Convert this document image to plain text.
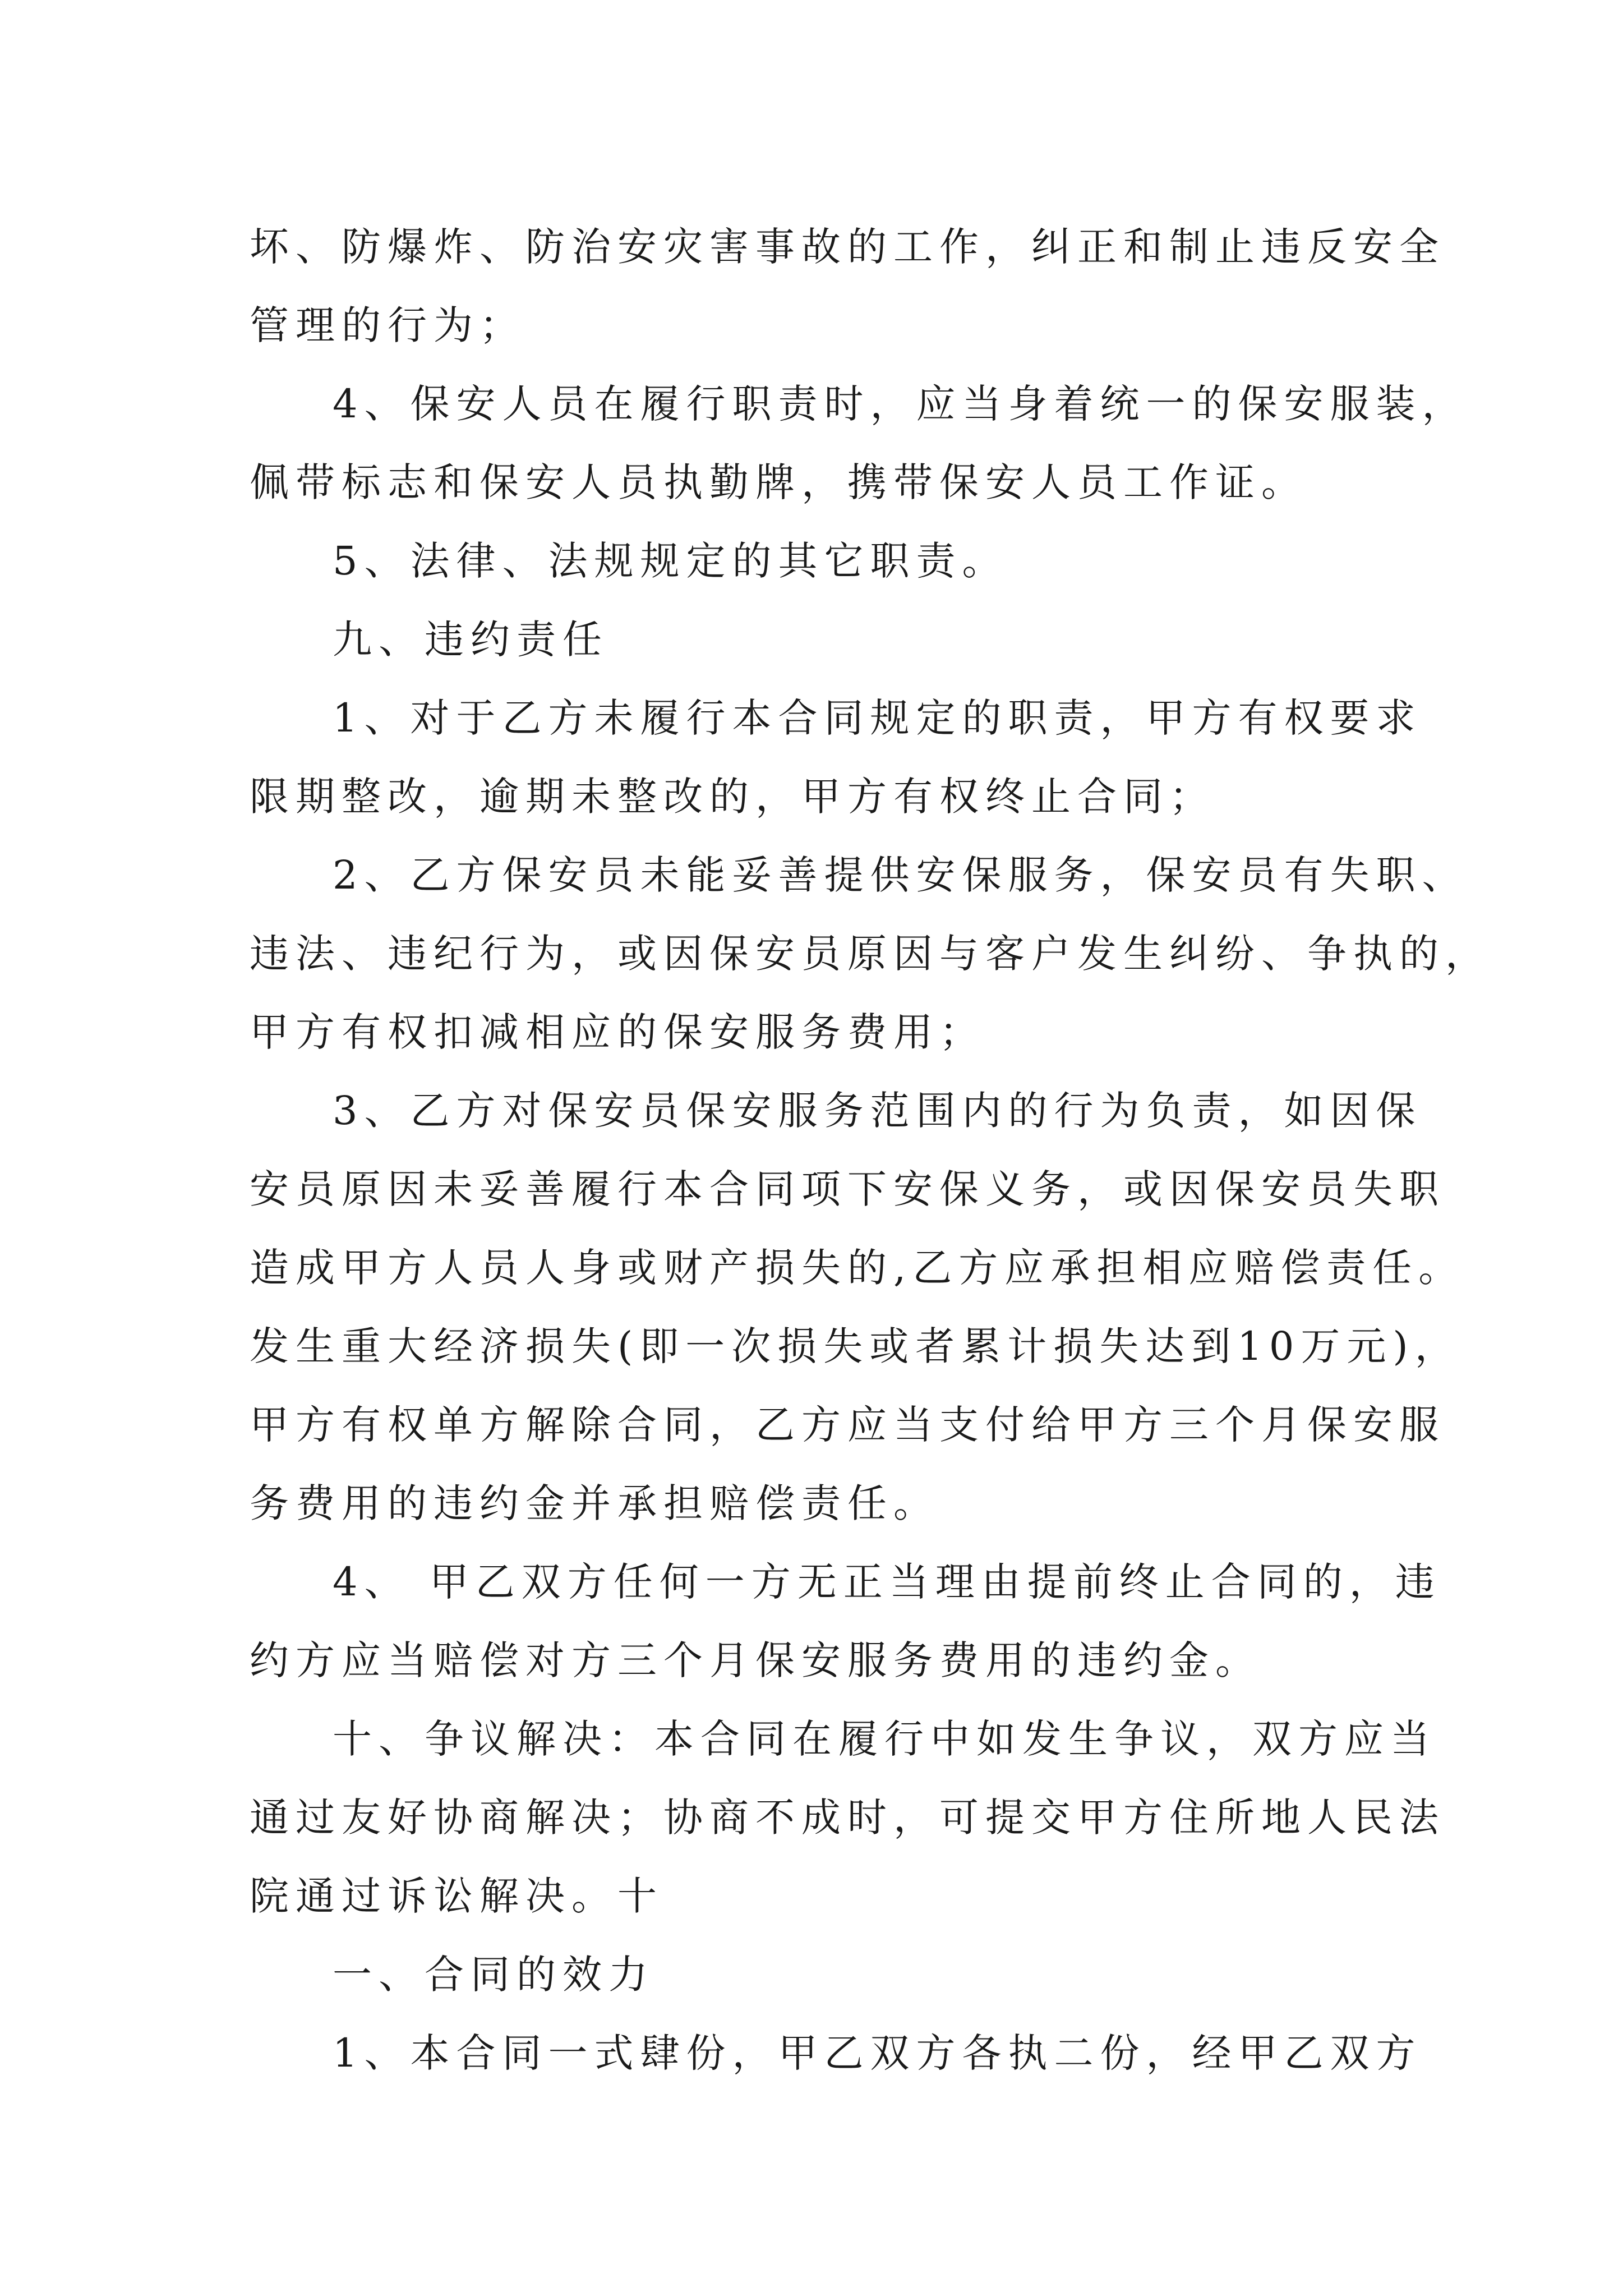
坏、防爆炸、防治安灾害事故的工作，纠正和制止违反安全
管理的行为；
4、保安人员在履行职责时，应当身着统一的保安服装，
佩带标志和保安人员执勤牌，携带保安人员工作证。
5、法律、法规规定的其它职责。
九、违约责任
1、对于乙方未履行本合同规定的职责，甲方有权要求
限期整改，逾期未整改的，甲方有权终止合同；
2、乙方保安员未能妥善提供安保服务，保安员有失职、
违法、违纪行为，或因保安员原因与客户发生纠纷、争执的，
甲方有权扣减相应的保安服务费用；
3、乙方对保安员保安服务范围内的行为负责，如因保
安员原因未妥善履行本合同项下安保义务，或因保安员失职
造成甲方人员人身或财产损失的,乙方应承担相应赔偿责任。
发生重大经济损失(即一次损失或者累计损失达到10万元)，
甲方有权单方解除合同，乙方应当支付给甲方三个月保安服
务费用的违约金并承担赔偿责任。
4、 甲乙双方任何一方无正当理由提前终止合同的，违
约方应当赔偿对方三个月保安服务费用的违约金。
十、争议解决：本合同在履行中如发生争议，双方应当
通过友好协商解决；协商不成时，可提交甲方住所地人民法
院通过诉讼解决。十
一、合同的效力
1、本合同一式肆份，甲乙双方各执二份，经甲乙双方
